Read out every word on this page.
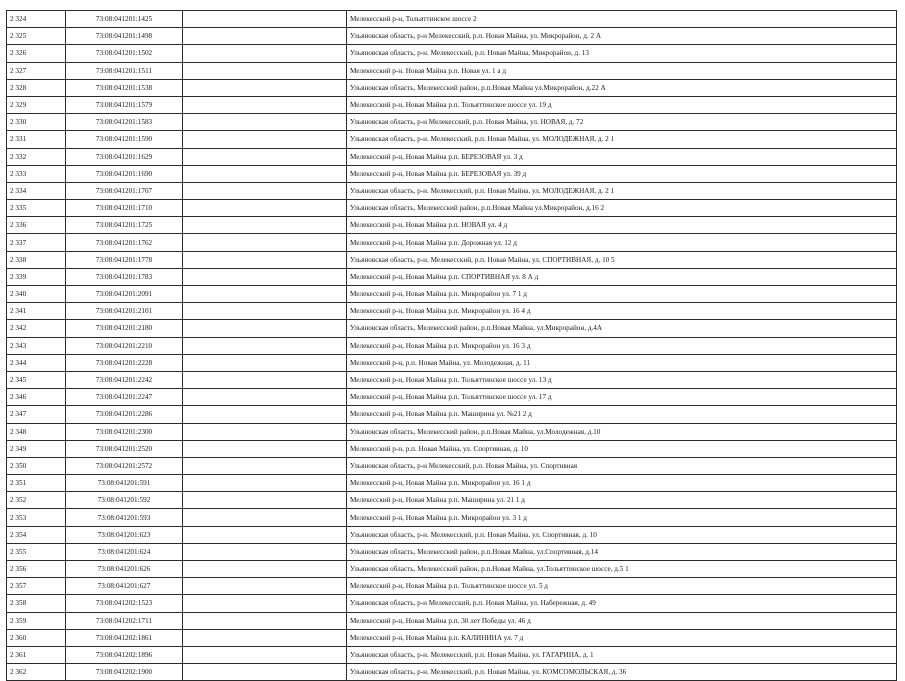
2 324	73:08:041201:1425		Мелекесский р-н, Тольяттинское шоссе 2
2 325	73:08:041201:1498		Ульяновская область, р-н Мелекесский, р.п. Новая Майна, ул. Микрорайон, д. 2 А
2 326	73:08:041201:1502		Ульяновская область, р-н. Мелекесский, р.п. Новая Майна, Микрорайон, д. 13
2 327	73:08:041201:1511		Мелекесский р-н. Новая Майна р.п. Новая ул. 1 а д
2 328	73:08:041201:1538		Ульяновская область, Мелекесский район, р.п.Новая Майна ул.Микрорайон, д.22 А
2 329	73:08:041201:1579		Мелекесский р-н, Новая Майна р.п. Тольяттинское шоссе ул. 19 д
2 330	73:08:041201:1583		Ульяновская область, р-н Мелекесский, р.п. Новая Майна, ул. НОВАЯ, д. 72
2 331	73:08:041201:1590		Ульяновская область, р-н. Мелекесский, р.п. Новая Майна, ул. МОЛОДЕЖНАЯ, д. 2 1
2 332	73:08:041201:1629		Мелекесский р-н, Новая Майна р.п. БЕРЕЗОВАЯ ул. 3 д
2 333	73:08:041201:1690		Мелекесский р-н, Новая Майна р.п. БЕРЕЗОВАЯ ул. 39 д
2 334	73:08:041201:1707		Ульяновская область, р-н. Мелекесский, р.п. Новая Майна, ул. МОЛОДЕЖНАЯ, д. 2 1
2 335	73:08:041201:1710		Ульяновская область, Мелекесский район, р.п.Новая Майна ул.Микрорайон, д.16 2
2 336	73:08:041201:1725		Мелекесский р-н, Новая Майна р.п. НОВАЯ ул. 4 д
2 337	73:08:041201:1762		Мелекесский р-н, Новая Майна р.п. Дорожная ул. 12 д
2 338	73:08:041201:1778		Ульяновская область, р-н. Мелекесский, р.п. Новая Майна, ул. СПОРТИВНАЯ, д. 10 5
2 339	73:08:041201:1783		Мелекесский р-н, Новая Майна р.п. СПОРТИВНАЯ ул. 8 А д
2 340	73:08:041201:2091		Мелекесский р-н, Новая Майна р.п. Микрорайон ул. 7 1 д
2 341	73:08:041201:2101		Мелекесский р-н, Новая Майна р.п. Микрорайон ул. 16 4 д
2 342	73:08:041201:2180		Ульяновская область, Мелекесский район, р.п.Новая Майна, ул.Микрорайон, д.4А
2 343	73:08:041201:2210		Мелекесский р-н, Новая Майна р.п. Микрорайон ул. 16 3 д
2 344	73:08:041201:2228		Мелекесский р-н, р.п. Новая Майна, ул. Молодежная, д. 11
2 345	73:08:041201:2242		Мелекесский р-н, Новая Майна р.п. Тольяттинское шоссе ул. 13 д
2 346	73:08:041201:2247		Мелекесский р-н, Новая Майна р.п. Тольяттинское шоссе ул. 17 д
2 347	73:08:041201:2286		Мелекесский р-н, Новая Майна р.п. Маширина ул. №21 2 д
2 348	73:08:041201:2300		Ульяновская область, Мелекесский район, р.п.Новая Майна, ул.Молодежная, д.10
2 349	73:08:041201:2520		Мелекесский р-н, р.п. Новая Майна, ул. Спортивная, д. 10
2 350	73:08:041201:2572		Ульяновская область, р-н Мелекесский, р.п. Новая Майна, ул. Спортивная
2 351	73:08:041201:591		Мелекесский р-н, Новая Майна р.п. Микрорайон ул. 16 1 д
2 352	73:08:041201:592		Мелекесский р-н, Новая Майна р.п. Маширина ул. 21 1 д
2 353	73:08:041201:593		Мелекесский р-н, Новая Майна р.п. Микрорайон ул. 3 1 д
2 354	73:08:041201:623		Ульяновская область, р-н. Мелекесский, р.п. Новая Майна, ул. Спортивная, д. 10
2 355	73:08:041201:624		Ульяновская область, Мелекесский район, р.п.Новая Майна, ул.Спортивная, д.14
2 356	73:08:041201:626		Ульяновская область, Мелекесский район, р.п.Новая Майна, ул.Тольяттинское шоссе, д.5 1
2 357	73:08:041201:627		Мелекесский р-н, Новая Майна р.п. Тольяттинское шоссе ул. 5 д
2 358	73:08:041202:1523		Ульяновская область, р-н Мелекесский, р.п. Новая Майна, ул. Набережная, д. 49
2 359	73:08:041202:1711		Мелекесский р-н, Новая Майна р.п. 30 лет Победы ул. 46 д
2 360	73:08:041202:1861		Мелекесский р-н, Новая Майна р.п. КАЛИНИНА ул. 7 д
2 361	73:08:041202:1896		Ульяновская область, р-н. Мелекесский, р.п. Новая Майна, ул. ГАГАРИНА, д. 1
2 362	73:08:041202:1900		Ульяновская область, р-н. Мелекесский, р.п. Новая Майна, ул. КОМСОМОЛЬСКАЯ, д. 36
